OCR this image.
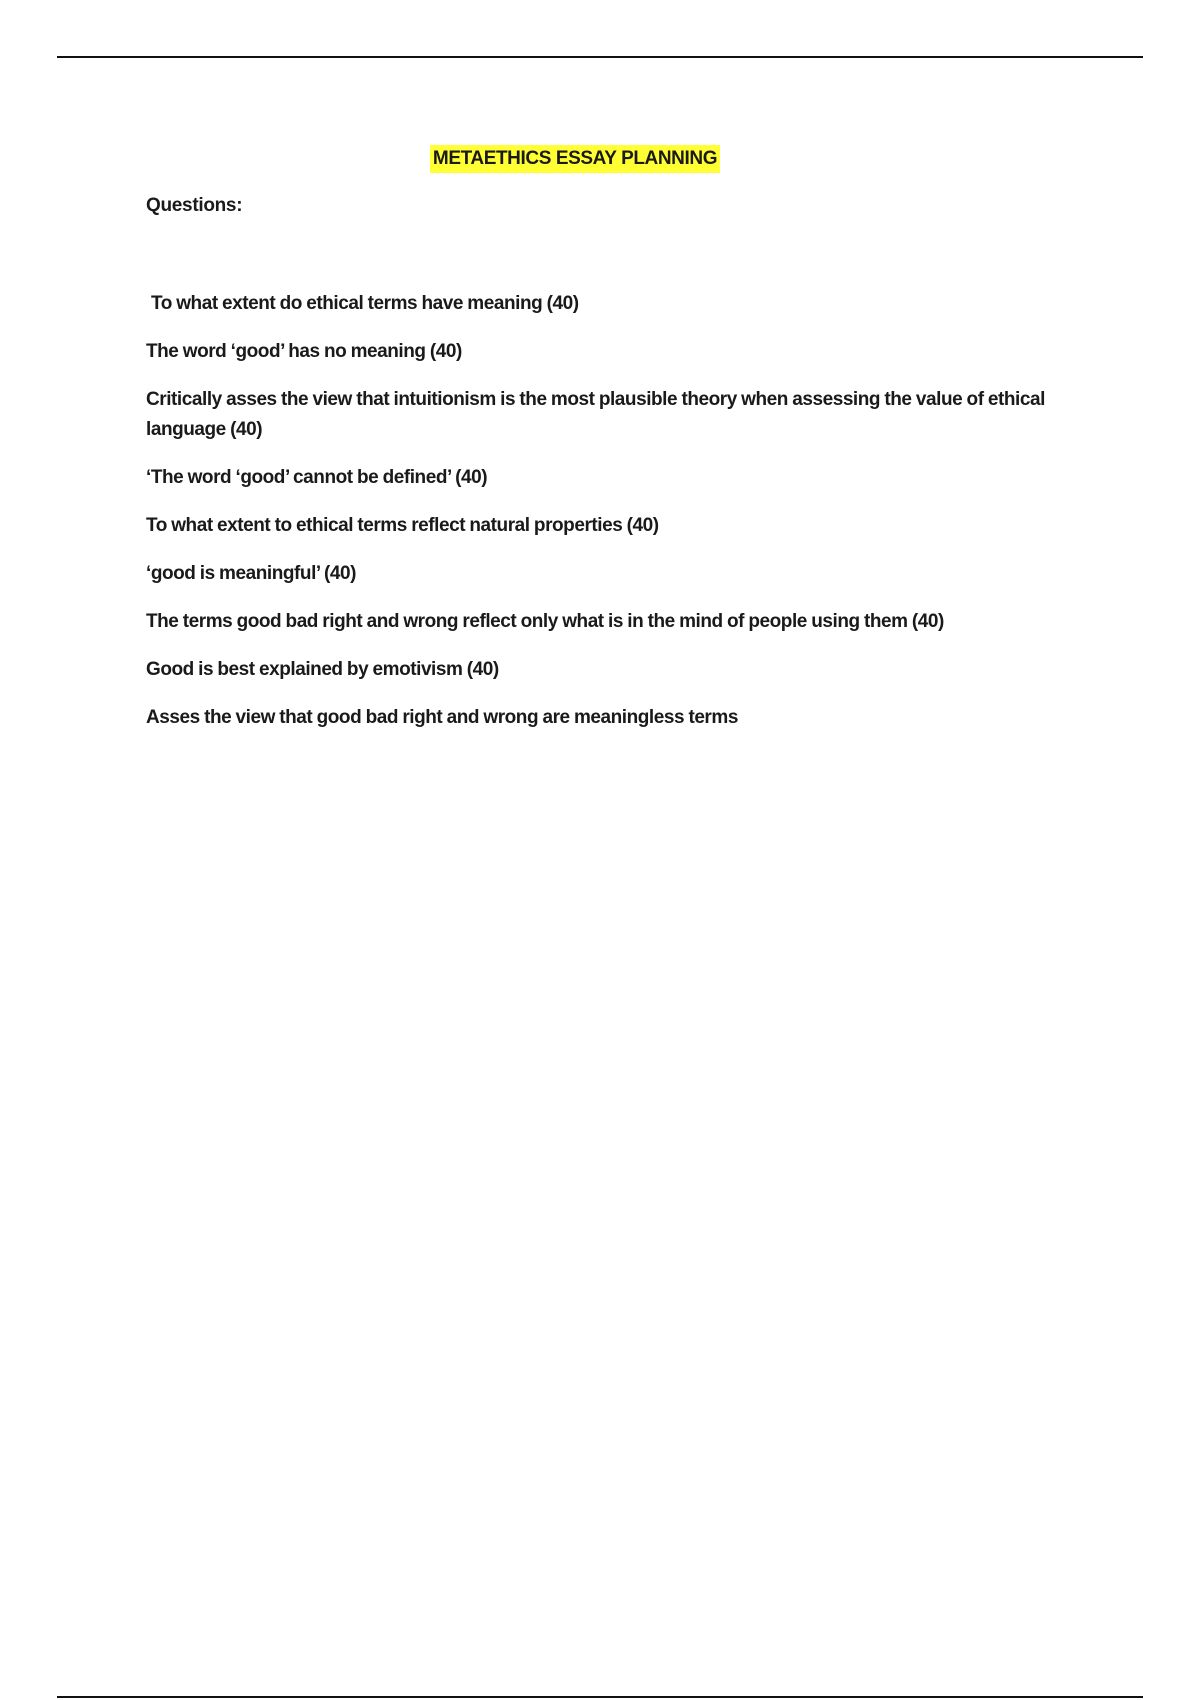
METAETHICS ESSAY PLANNING
Questions:
To what extent do ethical terms have meaning (40)
The word ‘good’ has no meaning (40)
Critically asses the view that intuitionism is the most plausible theory when assessing the value of ethical language (40)
‘The word ‘good’ cannot be defined’ (40)
To what extent to ethical terms reflect natural properties (40)
‘good is meaningful’ (40)
The terms good bad right and wrong reflect only what is in the mind of people using them (40)
Good is best explained by emotivism (40)
Asses the view that good bad right and wrong are meaningless terms
